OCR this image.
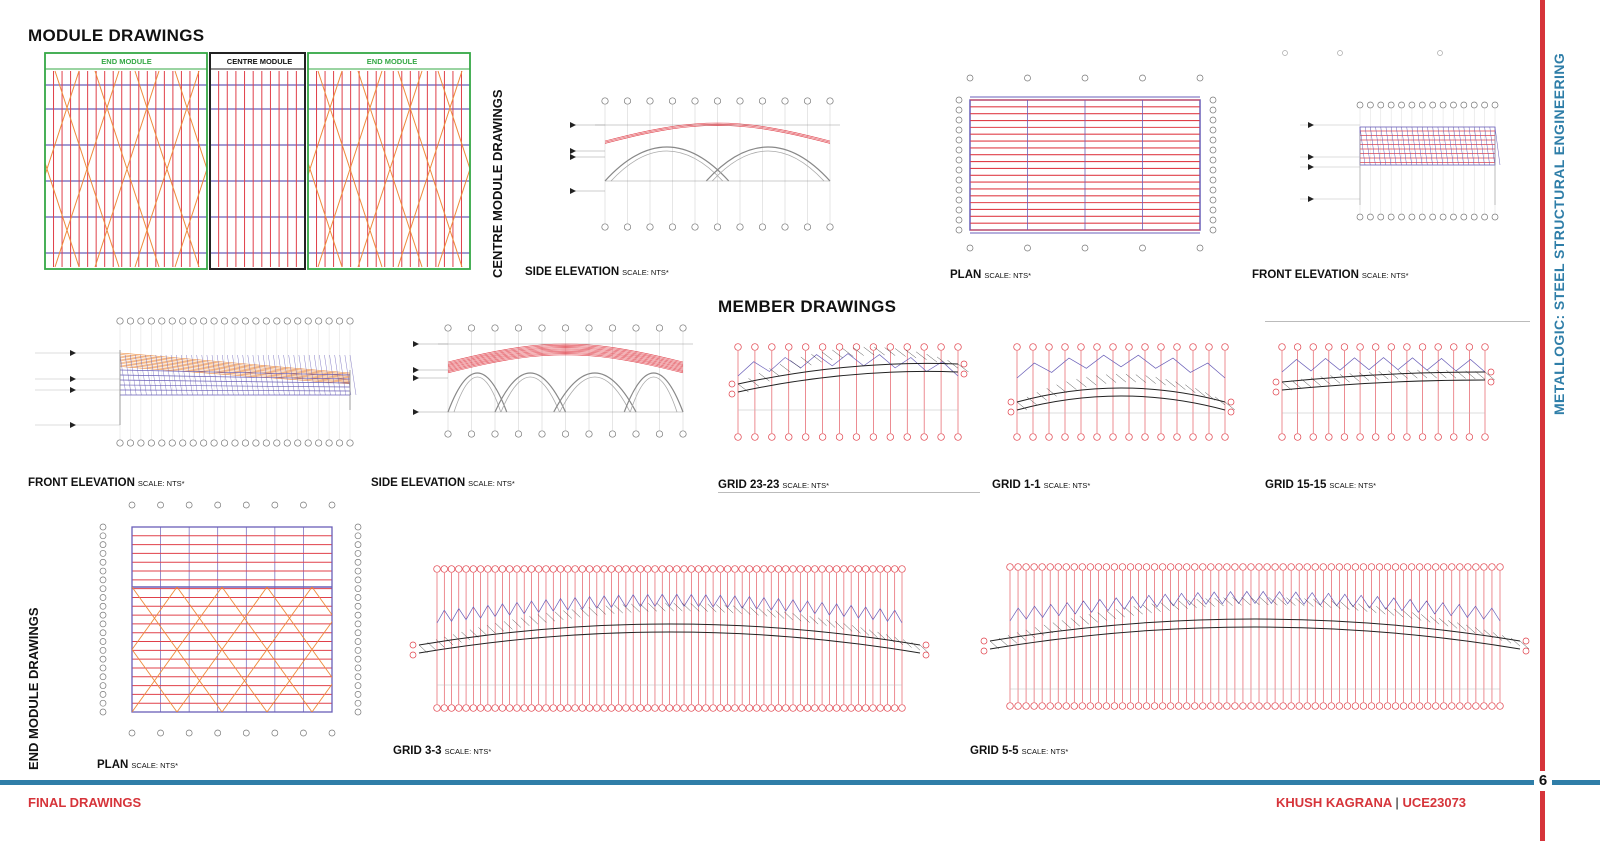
MODULE DRAWINGS
MEMBER DRAWINGS
CENTRE MODULE DRAWINGS
END MODULE DRAWINGS
END MODULE	CENTRE MODULE	END MODULE
SIDE ELEVATION SCALE: NTS*	PLAN SCALE: NTS*	FRONT ELEVATION SCALE: NTS*
FRONT ELEVATION SCALE: NTS*	SIDE ELEVATION SCALE: NTS*	GRID 23-23 SCALE: NTS*	GRID 1-1 SCALE: NTS*	GRID 15-15 SCALE: NTS*
PLAN SCALE: NTS*
GRID 3-3 SCALE: NTS*	GRID 5-5 SCALE: NTS*
METALLOGIC: STEEL STRUCTURAL ENGINEERING
6
FINAL DRAWINGS	KHUSH KAGRANA | UCE23073
